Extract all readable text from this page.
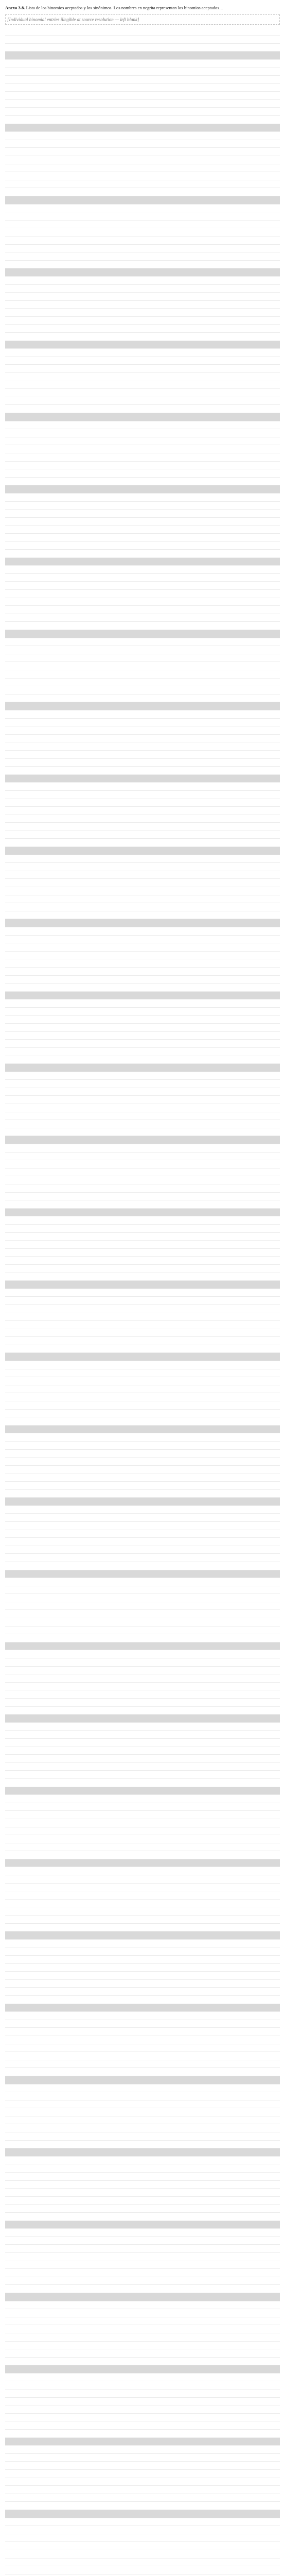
Anexo 3.8. Lista de los binomios aceptados y los sinónimos. Los nombres en negrita representan los binomios aceptados…

[Individual binomial entries illegible at source resolution — left blank]
